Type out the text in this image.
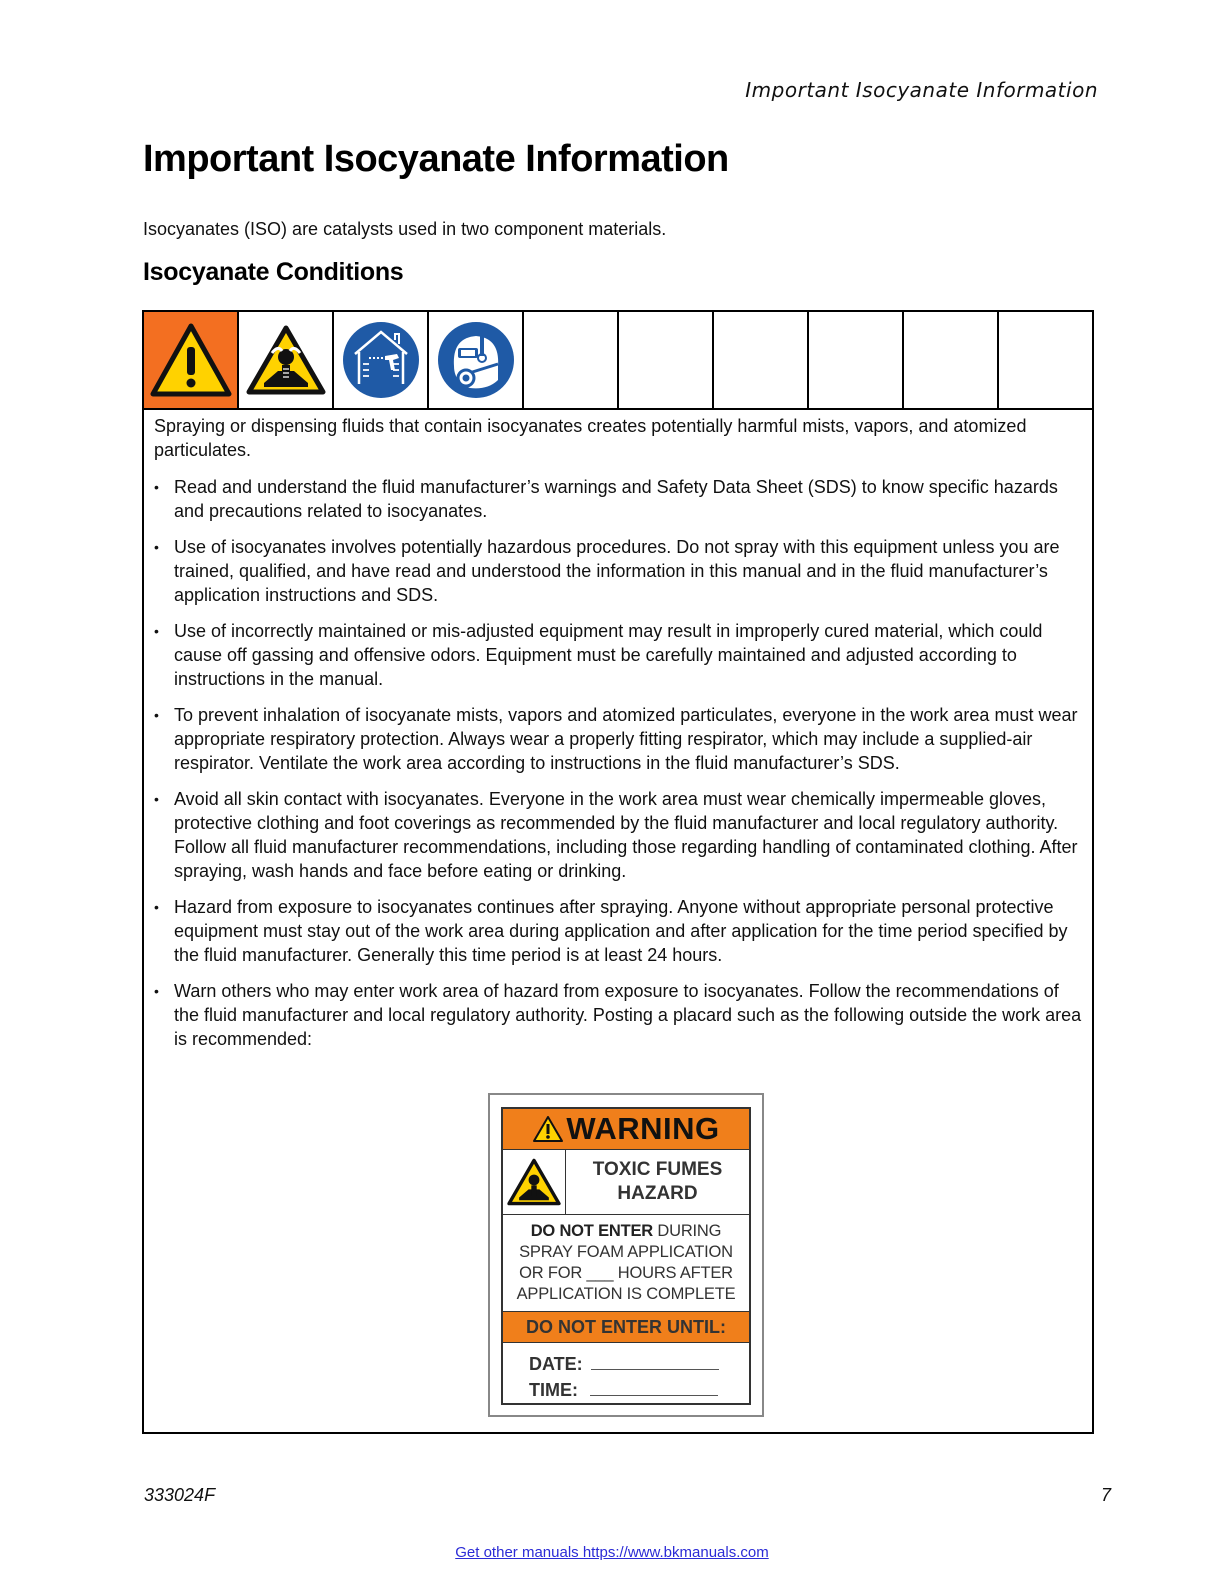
Important Isocyanate Information
Important Isocyanate Information

Isocyanates (ISO) are catalysts used in two component materials.

Isocyanate Conditions

Spraying or dispensing fluids that contain isocyanates creates potentially harmful mists, vapors, and atomized particulates.

• Read and understand the fluid manufacturer’s warnings and Safety Data Sheet (SDS) to know specific hazards and precautions related to isocyanates.
• Use of isocyanates involves potentially hazardous procedures. Do not spray with this equipment unless you are trained, qualified, and have read and understood the information in this manual and in the fluid manufacturer’s application instructions and SDS.
• Use of incorrectly maintained or mis-adjusted equipment may result in improperly cured material, which could cause off gassing and offensive odors. Equipment must be carefully maintained and adjusted according to instructions in the manual.
• To prevent inhalation of isocyanate mists, vapors and atomized particulates, everyone in the work area must wear appropriate respiratory protection. Always wear a properly fitting respirator, which may include a supplied-air respirator. Ventilate the work area according to instructions in the fluid manufacturer’s SDS.
• Avoid all skin contact with isocyanates. Everyone in the work area must wear chemically impermeable gloves, protective clothing and foot coverings as recommended by the fluid manufacturer and local regulatory authority. Follow all fluid manufacturer recommendations, including those regarding handling of contaminated clothing. After spraying, wash hands and face before eating or drinking.
• Hazard from exposure to isocyanates continues after spraying. Anyone without appropriate personal protective equipment must stay out of the work area during application and after application for the time period specified by the fluid manufacturer. Generally this time period is at least 24 hours.
• Warn others who may enter work area of hazard from exposure to isocyanates. Follow the recommendations of the fluid manufacturer and local regulatory authority. Posting a placard such as the following outside the work area is recommended:
WARNING
TOXIC FUMES
HAZARD
DO NOT ENTER DURING
SPRAY FOAM APPLICATION
OR FOR ___ HOURS AFTER
APPLICATION IS COMPLETE
DO NOT ENTER UNTIL:
DATE:
TIME:
333024F	7
Get other manuals https://www.bkmanuals.com
